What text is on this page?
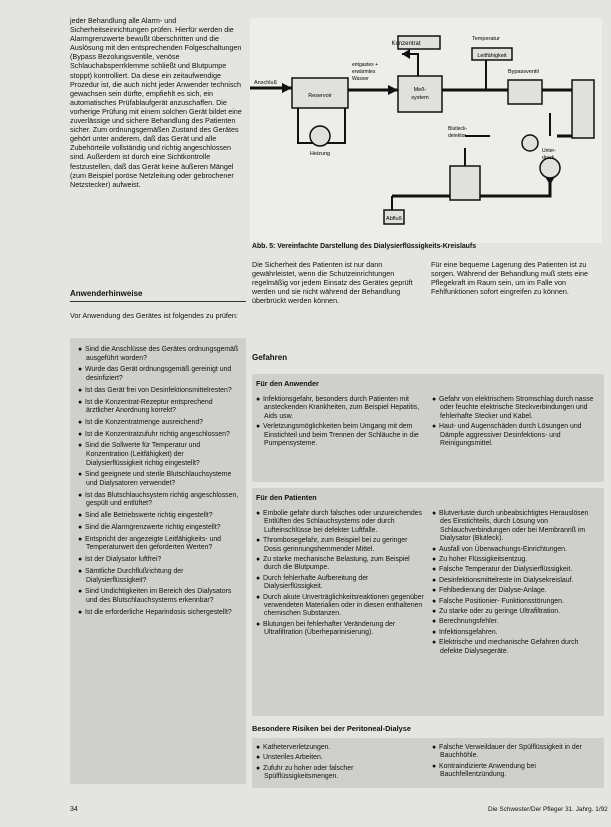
jeder Behandlung alle Alarm- und Sicherheitseinrichtungen prüfen. Hierfür werden die Alarmgrenzwerte bewußt überschritten und die Auslösung mit den entsprechenden Folgeschaltungen (Bypass Bezolungsventile, venöse Schlauchabsperrklemme schließt und Blutpumpe stoppt) kontrolliert. Da diese ein zeitaufwendige Prozedur ist, die auch nicht jeder Anwender technisch gewachsen sein dürfte, empfiehlt es sich, ein automatisches Prüfablaufgerät anzuschaffen. Die vorherige Prüfung mit einem solchen Gerät bildet eine zuverlässige und sichere Behandlung des Patienten sicher. Zum ordnungsgemäßen Zustand des Gerätes gehört unter anderem, daß das Gerät und alle Zubehörteile vollständig und richtig angeschlossen sind. Außerdem ist durch eine Sichtkontrolle festzustellen, daß das Gerät keine äußeren Mängel (zum Beispiel poröse Netzleitung oder gebrochener Netzstecker) aufweist.
Anwenderhinweise
Vor Anwendung des Gerätes ist folgendes zu prüfen:
● Sind die Anschlüsse des Gerätes ordnungsgemäß ausgeführt worden?
● Wurde das Gerät ordnungsgemäß gereinigt und desinfiziert?
● Ist das Gerät frei von Desinfektionsmittelresten?
● Ist die Konzentrat-Rezeptur entsprechend ärztlicher Anordnung korrekt?
● Ist die Konzentratmenge ausreichend?
● Ist die Konzentratzufuhr richtig angeschlossen?
● Sind die Sollwerte für Temperatur und Konzentration (Leitfähigkeit) der Dialysierflüssigkeit richtig eingestellt?
● Sind geeignete und sterile Blutschlauchsysteme und Dialysatoren verwendet?
● Ist das Blutschlauchsystem richtig angeschlossen, gespült und entlüftet?
● Sind alle Betriebswerte richtig eingestellt?
● Sind die Alarmgrenzwerte richtig eingestellt?
● Entspricht der angezeigte Leitfähigkeits- und Temperaturwert den geforderten Werten?
● Ist der Dialysator luftfrei?
● Sämtliche Durchflußrichtung der Dialysierflüssigkeit?
● Sind Undichtigkeiten im Bereich des Dialysators und des Blutschlauchsystems erkennbar?
● Ist die erforderliche Heparindosis sichergestellt?
Konzentrat
Temperatur
Leitfähigkeit
entgastes +
erwärmtes
Wasser
Anschluß
Reservoir
Meß-
system
Bypassventil
Heizung
Blutleck-
detektor
Unter-
druck
Abfluß
Abb. 5: Vereinfachte Darstellung des Dialysierflüssigkeits-Kreislaufs
Die Sicherheit des Patienten ist nur dann gewährleistet, wenn die Schutzeinrichtungen regelmäßig vor jedem Einsatz des Gerätes geprüft werden und sie nicht während der Behandlung überbrückt werden können.
Für eine bequeme Lagerung des Patienten ist zu sorgen. Während der Behandlung muß stets eine Pflegekraft im Raum sein, um im Falle von Fehlfunktionen sofort eingreifen zu können.
Gefahren
Für den Anwender
● Infektionsgefahr, besonders durch Patienten mit ansteckenden Krankheiten, zum Beispiel Hepatitis, Aids usw.
● Verletzungsmöglichkeiten beim Umgang mit dem Einstichteil und beim Trennen der Schläuche in die Pumpensysteme.
● Gefahr von elektrischem Stromschlag durch nasse oder feuchte elektrische Steckverbindungen und fehlerhafte Stecker und Kabel.
● Haut- und Augenschäden durch Lösungen und Dämpfe aggressiver Desinfektions- und Reinigungsmittel.
Für den Patienten
● Embolie gefahr durch falsches oder unzureichendes Entlüften des Schlauchsystems oder durch Lufteinschlüsse bei defekter Luftfalle.
● Thrombosegefahr, zum Beispiel bei zu geringer Dosis gerinnungshemmender Mittel.
● Zu starke mechanische Belastung, zum Beispiel durch die Blutpumpe.
● Durch fehlerhafte Aufbereitung der Dialysierflüssigkeit.
● Durch akute Unverträglichkeitsreaktionen gegenüber verwendeten Materialien oder in diesen enthaltenen chemischen Substanzen.
● Blutungen bei fehlerhafter Veränderung der Ultrafiltration (Überheparinisierung).
● Blutverluste durch unbeabsichtigtes Herauslösen des Einstichteils, durch Lösung von Schlauchverbindungen oder bei Membranriß im Dialysator (Blutleck).
● Ausfall von Überwachungs-Einrichtungen.
● Zu hoher Flüssigkeitsentzug.
● Falsche Temperatur der Dialysierflüssigkeit.
● Desinfektionsmittelreste im Dialysekreislauf.
● Fehlbedienung der Dialyse-Anlage.
● Falsche Positionier- Funktionsstörungen.
● Zu starke oder zu geringe Ultrafiltration.
● Berechnungsfehler.
● Infektionsgefahren.
● Elektrische und mechanische Gefahren durch defekte Dialysegeräte.
Besondere Risiken bei der Peritoneal-Dialyse
● Katheterverletzungen.
● Unsteriles Arbeiten.
● Zufuhr zu hoher oder falscher Spülflüssigkeitsmengen.
● Falsche Verweildauer der Spülflüssigkeit in der Bauchhöhle.
● Kontraindizierte Anwendung bei Bauchfellentzündung.
34	Die Schwester/Der Pfleger 31. Jahrg. 1/92
